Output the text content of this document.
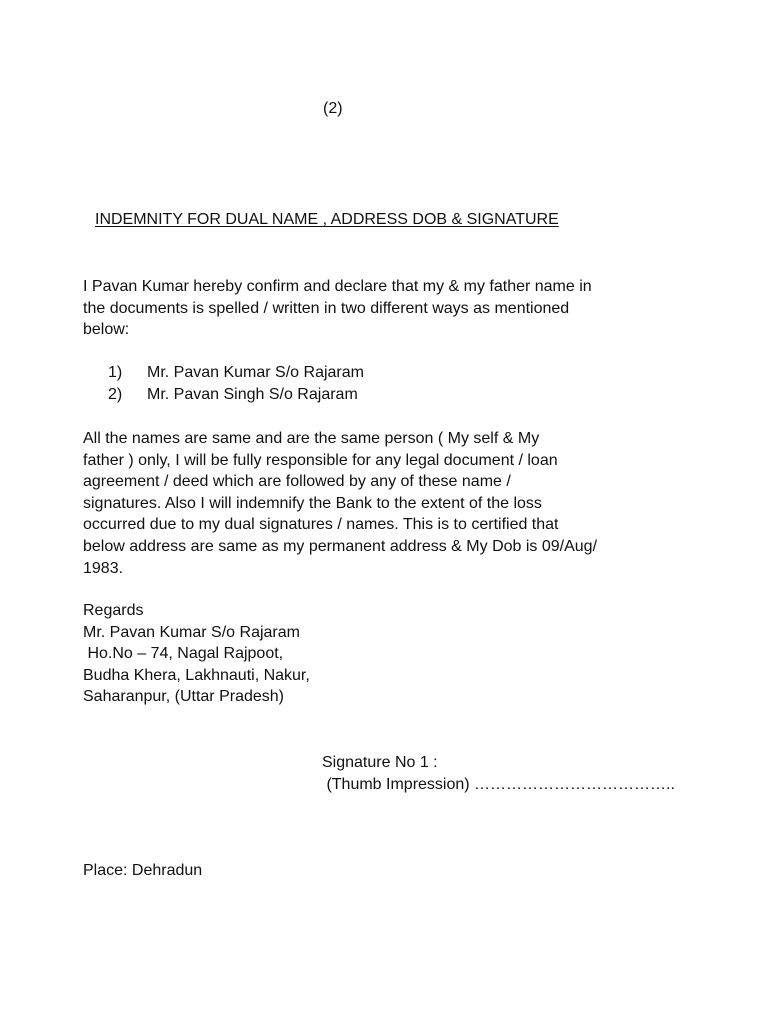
(2)
INDEMNITY FOR DUAL NAME , ADDRESS DOB & SIGNATURE
I Pavan Kumar hereby confirm and declare that my & my father name in
the documents is spelled / written in two different ways as mentioned
below:
1)	Mr. Pavan Kumar S/o Rajaram
2)	Mr. Pavan Singh S/o Rajaram
All the names are same and are the same person ( My self & My
father ) only, I will be fully responsible for any legal document / loan
agreement / deed which are followed by any of these name /
signatures. Also I will indemnify the Bank to the extent of the loss
occurred due to my dual signatures / names. This is to certified that
below address are same as my permanent address & My Dob is 09/Aug/
1983.
Regards
Mr. Pavan Kumar S/o Rajaram
Ho.No – 74, Nagal Rajpoot,
Budha Khera, Lakhnauti, Nakur,
Saharanpur, (Uttar Pradesh)
Signature No 1 :
(Thumb Impression) ………………………………..
Place: Dehradun
